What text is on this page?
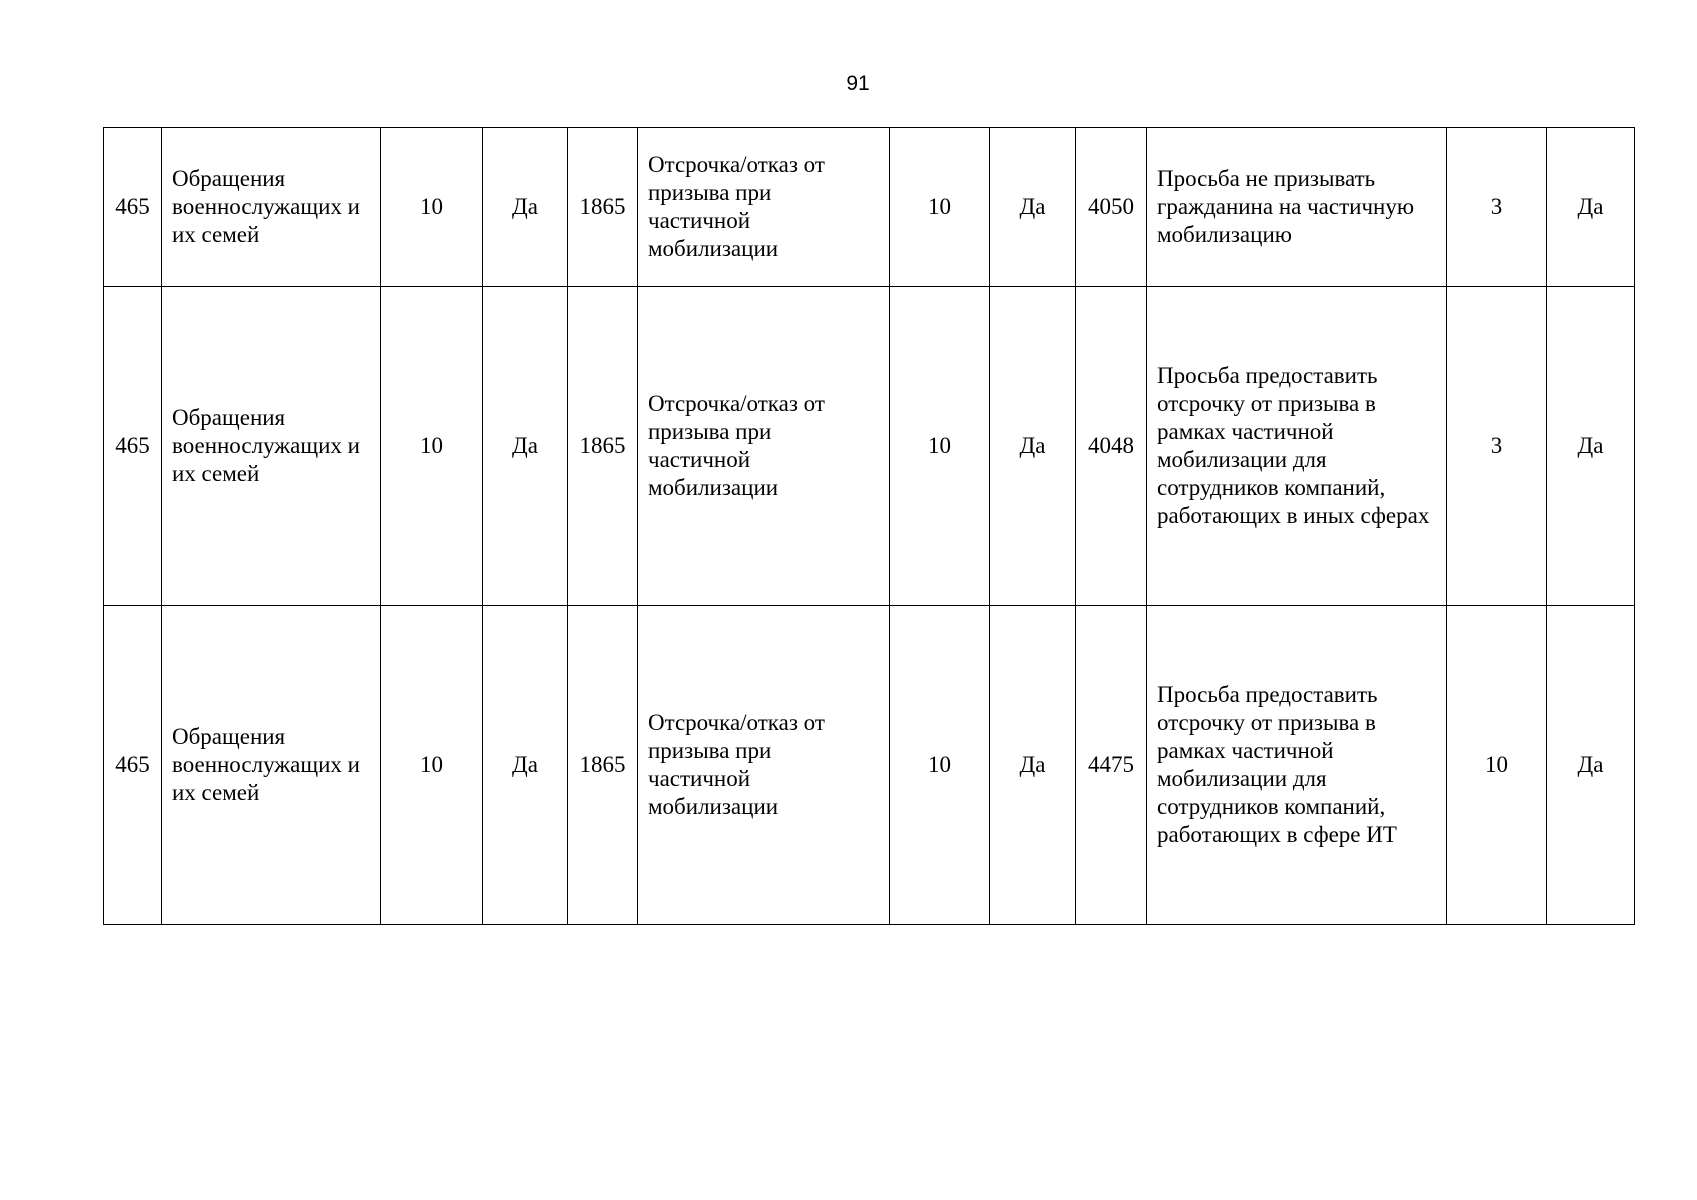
91
465	Обращения военнослужащих и их семей	10	Да	1865	Отсрочка/отказ от призыва при частичной мобилизации	10	Да	4050	Просьба не призывать гражданина на частичную мобилизацию	3	Да
465	Обращения военнослужащих и их семей	10	Да	1865	Отсрочка/отказ от призыва при частичной мобилизации	10	Да	4048	Просьба предоставить отсрочку от призыва в рамках частичной мобилизации для сотрудников компаний, работающих в иных сферах	3	Да
465	Обращения военнослужащих и их семей	10	Да	1865	Отсрочка/отказ от призыва при частичной мобилизации	10	Да	4475	Просьба предоставить отсрочку от призыва в рамках частичной мобилизации для сотрудников компаний, работающих в сфере ИТ	10	Да
